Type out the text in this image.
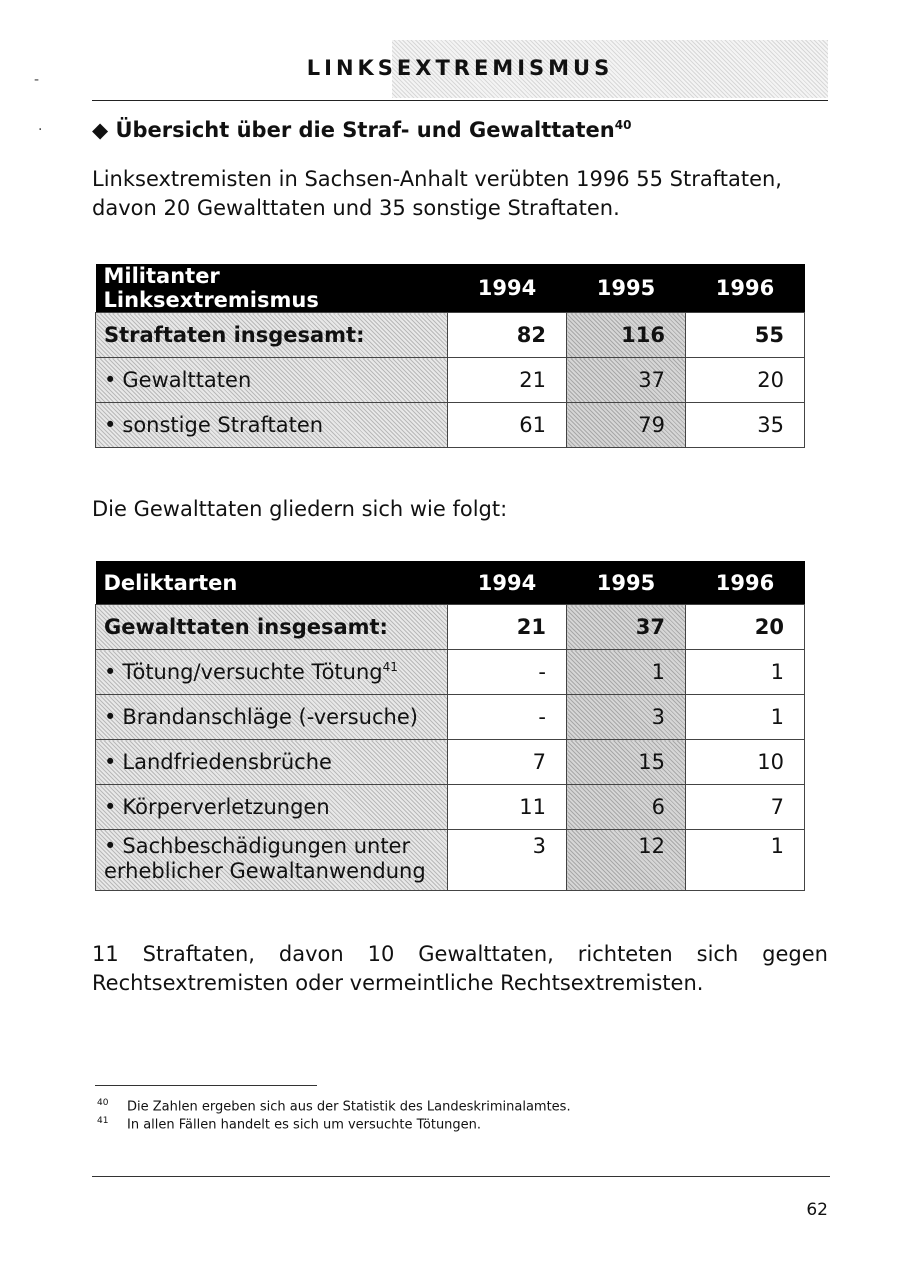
-
·
LINKSEXTREMISMUS
◆ Übersicht über die Straf- und Gewalttaten$^{40}$
Linksextremisten in Sachsen-Anhalt verübten 1996 55 Straftaten, davon 20 Gewalttaten und 35 sonstige Straftaten.
Militanter Linksextremismus	1994	1995	1996
Straftaten insgesamt:	82	116	55
• Gewalttaten	21	37	20
• sonstige Straftaten	61	79	35
Die Gewalttaten gliedern sich wie folgt:
Deliktarten	1994	1995	1996
Gewalttaten insgesamt:	21	37	20
• Tötung/versuchte Tötung$^{41}$	-	1	1
• Brandanschläge (-versuche)	-	3	1
• Landfriedensbrüche	7	15	10
• Körperverletzungen	11	6	7
• Sachbeschädigungen unter erheblicher Gewaltanwendung	3	12	1
11 Straftaten, davon 10 Gewalttaten, richteten sich gegen Rechtsextremisten oder vermeintliche Rechtsextremisten.
40 Die Zahlen ergeben sich aus der Statistik des Landeskriminalamtes.
41 In allen Fällen handelt es sich um versuchte Tötungen.
62
